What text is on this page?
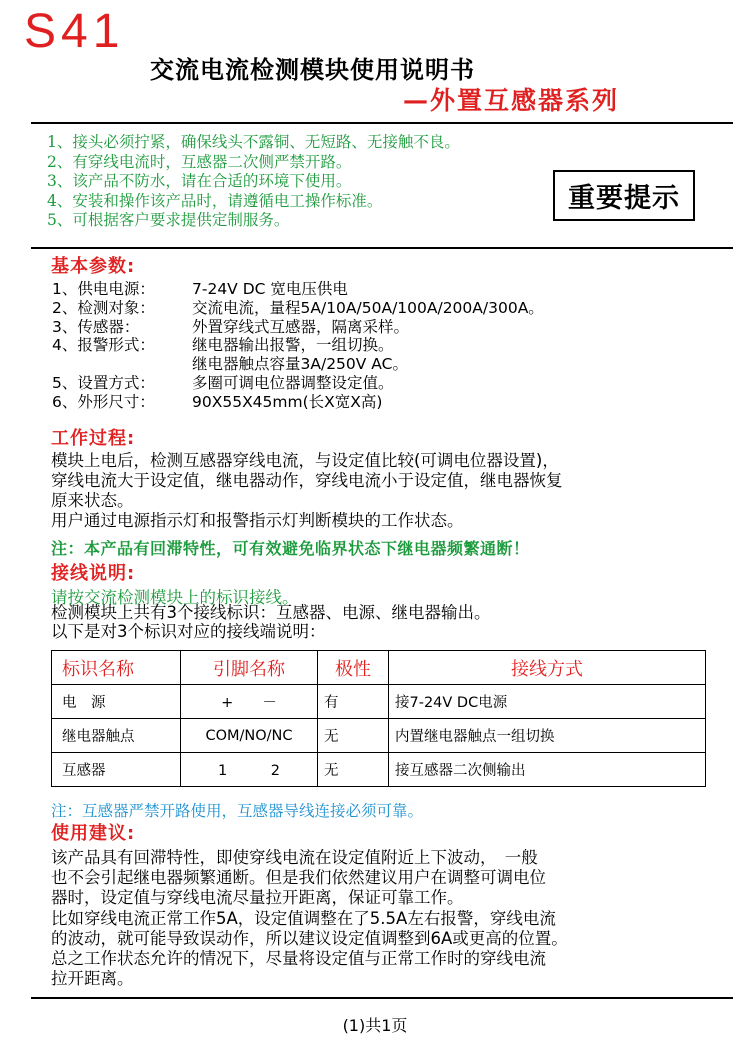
S41
交流电流检测模块使用说明书
—外置互感器系列
1、接头必须拧紧，确保线头不露铜、无短路、无接触不良。
2、有穿线电流时，互感器二次侧严禁开路。
3、该产品不防水，请在合适的环境下使用。
4、安装和操作该产品时，请遵循电工操作标准。
5、可根据客户要求提供定制服务。
重要提示
基本参数:
1、供电电源：	7-24V DC 宽电压供电
2、检测对象：	交流电流，量程5A/10A/50A/100A/200A/300A。
3、传感器：	外置穿线式互感器，隔离采样。
4、报警形式：	继电器输出报警，一组切换。
继电器触点容量3A/250V AC。
5、设置方式：	多圈可调电位器调整设定值。
6、外形尺寸：	90X55X45mm(长X宽X高)
工作过程:
模块上电后，检测互感器穿线电流，与设定值比较(可调电位器设置)，
穿线电流大于设定值，继电器动作，穿线电流小于设定值，继电器恢复
原来状态。
用户通过电源指示灯和报警指示灯判断模块的工作状态。
注：本产品有回滞特性，可有效避免临界状态下继电器频繁通断！
接线说明:
请按交流检测模块上的标识接线。
检测模块上共有3个接线标识：互感器、电源、继电器输出。
以下是对3个标识对应的接线端说明：
标识名称	引脚名称	极性	接线方式
电　源	+　　－	有	接7-24V DC电源
继电器触点	COM/NO/NC	无	内置继电器触点一组切换
互感器	1　　　2	无	接互感器二次侧输出
注：互感器严禁开路使用，互感器导线连接必须可靠。
使用建议:
该产品具有回滞特性，即使穿线电流在设定值附近上下波动，　一般
也不会引起继电器频繁通断。但是我们依然建议用户在调整可调电位
器时，设定值与穿线电流尽量拉开距离，保证可靠工作。
比如穿线电流正常工作5A，设定值调整在了5.5A左右报警，穿线电流
的波动，就可能导致误动作，所以建议设定值调整到6A或更高的位置。
总之工作状态允许的情况下，尽量将设定值与正常工作时的穿线电流
拉开距离。
(1)共1页
